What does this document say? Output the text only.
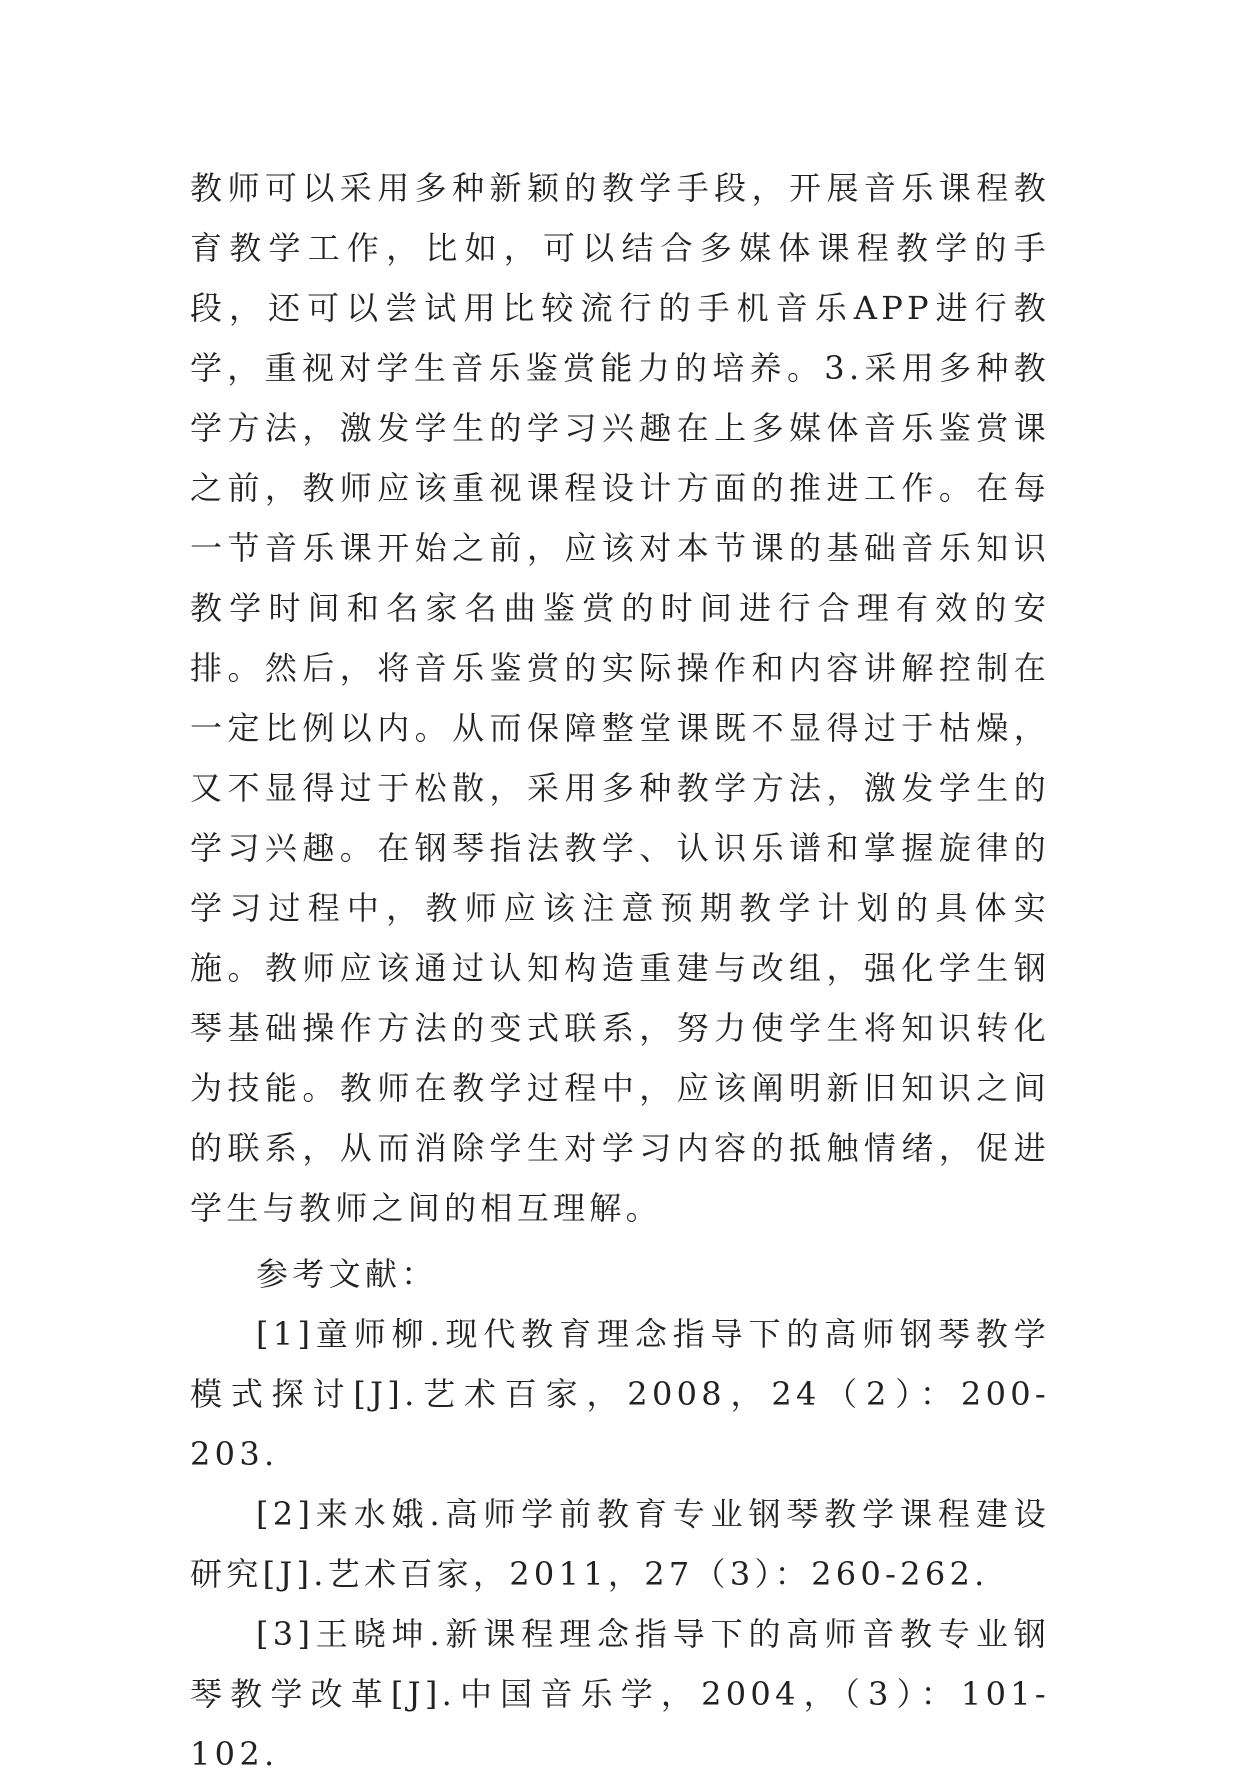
教师可以采用多种新颖的教学手段，开展音乐课程教育教学工作，比如，可以结合多媒体课程教学的手段，还可以尝试用比较流行的手机音乐APP进行教学，重视对学生音乐鉴赏能力的培养。3.采用多种教学方法，激发学生的学习兴趣在上多媒体音乐鉴赏课之前，教师应该重视课程设计方面的推进工作。在每一节音乐课开始之前，应该对本节课的基础音乐知识教学时间和名家名曲鉴赏的时间进行合理有效的安排。然后，将音乐鉴赏的实际操作和内容讲解控制在一定比例以内。从而保障整堂课既不显得过于枯燥，又不显得过于松散，采用多种教学方法，激发学生的学习兴趣。在钢琴指法教学、认识乐谱和掌握旋律的学习过程中，教师应该注意预期教学计划的具体实施。教师应该通过认知构造重建与改组，强化学生钢琴基础操作方法的变式联系，努力使学生将知识转化为技能。教师在教学过程中，应该阐明新旧知识之间的联系，从而消除学生对学习内容的抵触情绪，促进学生与教师之间的相互理解。

参考文献：

[1]童师柳.现代教育理念指导下的高师钢琴教学模式探讨[J].艺术百家，2008，24（2）：200-203.

[2]来水娥.高师学前教育专业钢琴教学课程建设研究[J].艺术百家，2011，27（3）：260-262.

[3]王晓坤.新课程理念指导下的高师音教专业钢琴教学改革[J].中国音乐学，2004，（3）：101-102.
